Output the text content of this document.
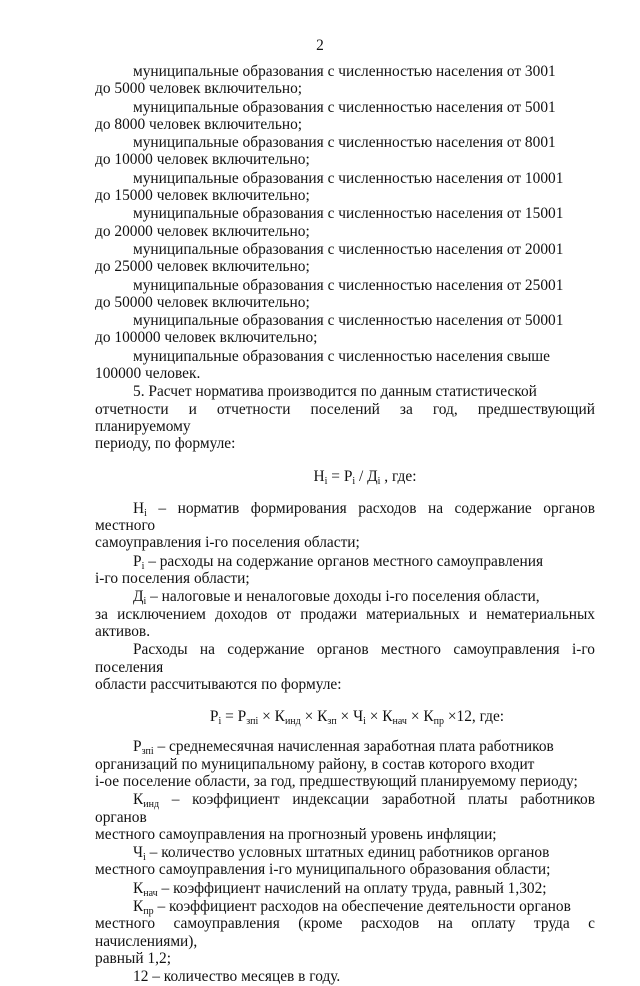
2
муниципальные образования с численностью населения от 3001
до 5000 человек включительно;
муниципальные образования с численностью населения от 5001
до 8000 человек включительно;
муниципальные образования с численностью населения от 8001
до 10000 человек включительно;
муниципальные образования с численностью населения от 10001
до 15000 человек включительно;
муниципальные образования с численностью населения от 15001
до 20000 человек включительно;
муниципальные образования с численностью населения от 20001
до 25000 человек включительно;
муниципальные образования с численностью населения от 25001
до 50000 человек включительно;
муниципальные образования с численностью населения от 50001
до 100000 человек включительно;
муниципальные образования с численностью населения свыше
100000 человек.
5. Расчет норматива производится по данным статистической
отчетности и отчетности поселений за год, предшествующий планируемому
периоду, по формуле:
$Н_i = Р_i / Д_i$ , где:
$Н_i$ – норматив формирования расходов на содержание органов местного
самоуправления i-го поселения области;
$Р_i$ – расходы на содержание органов местного самоуправления
i-го поселения области;
$Д_i$ – налоговые и неналоговые доходы i-го поселения области,
за исключением доходов от продажи материальных и нематериальных активов.
Расходы на содержание органов местного самоуправления i-го поселения
области рассчитываются по формуле:
$Р_i = Р_{зпi} \times К_{инд} \times К_{зп} \times Ч_i \times К_{нач} \times К_{пр} \times 12$, где:
$Р_{зпi}$ – среднемесячная начисленная заработная плата работников
организаций по муниципальному району, в состав которого входит
i-ое поселение области, за год, предшествующий планируемому периоду;
$К_{инд}$ – коэффициент индексации заработной платы работников органов
местного самоуправления на прогнозный уровень инфляции;
$Ч_i$ – количество условных штатных единиц работников органов
местного самоуправления i-го муниципального образования области;
$К_{нач}$ – коэффициент начислений на оплату труда, равный 1,302;
$К_{пр}$ – коэффициент расходов на обеспечение деятельности органов
местного самоуправления (кроме расходов на оплату труда с начислениями),
равный 1,2;
12 – количество месяцев в году.
